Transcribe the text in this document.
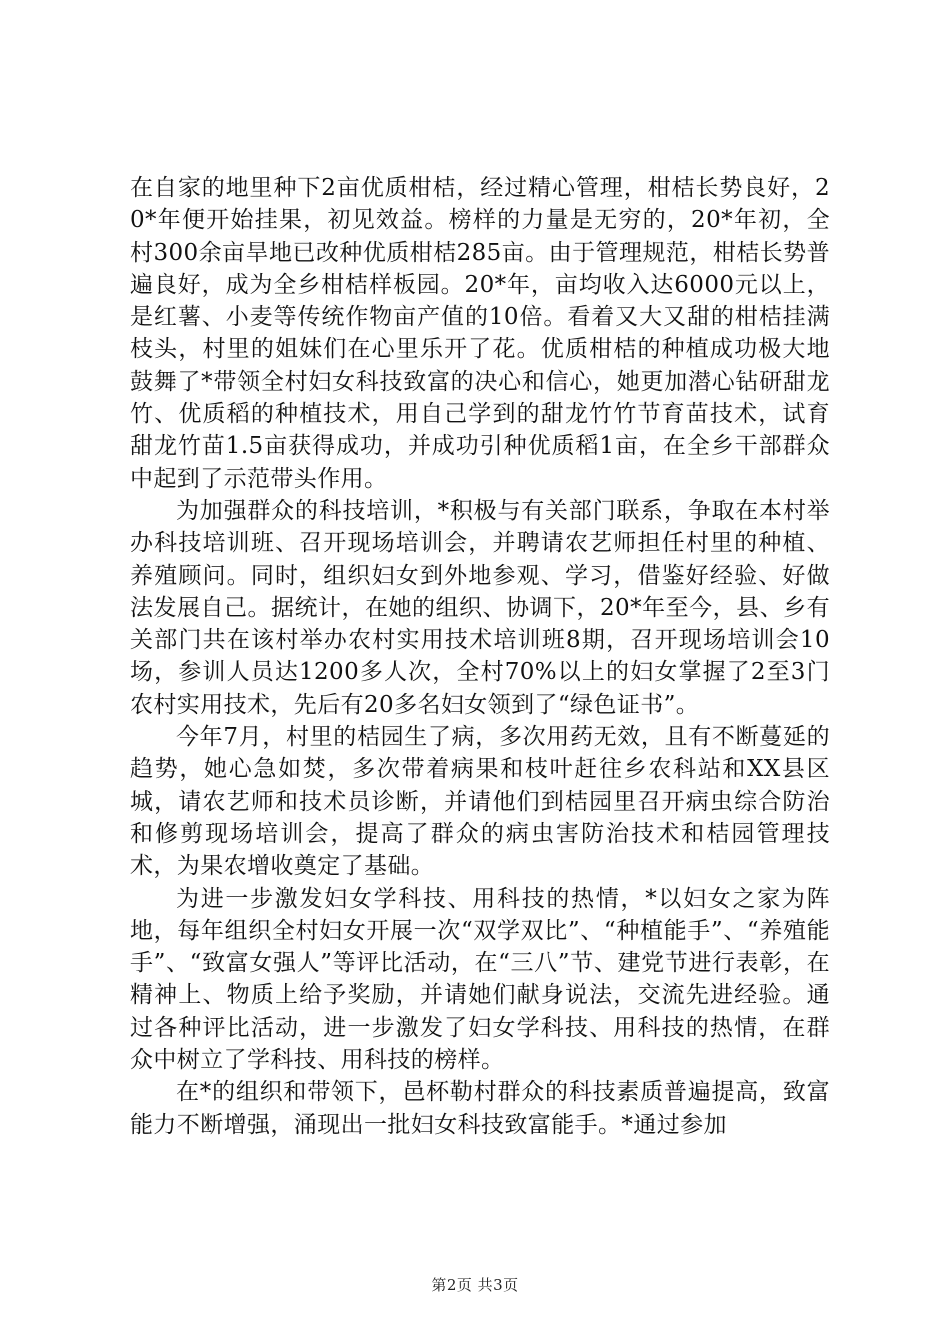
在自家的地里种下2亩优质柑桔，经过精心管理，柑桔长势良好，20*年便开始挂果，初见效益。榜样的力量是无穷的，20*年初，全村300余亩旱地已改种优质柑桔285亩。由于管理规范，柑桔长势普遍良好，成为全乡柑桔样板园。20*年，亩均收入达6000元以上，是红薯、小麦等传统作物亩产值的10倍。看着又大又甜的柑桔挂满枝头，村里的姐妹们在心里乐开了花。优质柑桔的种植成功极大地鼓舞了*带领全村妇女科技致富的决心和信心，她更加潜心钻研甜龙竹、优质稻的种植技术，用自己学到的甜龙竹竹节育苗技术，试育甜龙竹苗1.5亩获得成功，并成功引种优质稻1亩，在全乡干部群众中起到了示范带头作用。

为加强群众的科技培训，*积极与有关部门联系，争取在本村举办科技培训班、召开现场培训会，并聘请农艺师担任村里的种植、养殖顾问。同时，组织妇女到外地参观、学习，借鉴好经验、好做法发展自己。据统计，在她的组织、协调下，20*年至今，县、乡有关部门共在该村举办农村实用技术培训班8期，召开现场培训会10场，参训人员达1200多人次，全村70%以上的妇女掌握了2至3门农村实用技术，先后有20多名妇女领到了“绿色证书”。

今年7月，村里的桔园生了病，多次用药无效，且有不断蔓延的趋势，她心急如焚，多次带着病果和枝叶赶往乡农科站和XX县区城，请农艺师和技术员诊断，并请他们到桔园里召开病虫综合防治和修剪现场培训会，提高了群众的病虫害防治技术和桔园管理技术，为果农增收奠定了基础。

为进一步激发妇女学科技、用科技的热情，*以妇女之家为阵地，每年组织全村妇女开展一次“双学双比”、“种植能手”、“养殖能手”、“致富女强人”等评比活动，在“三八”节、建党节进行表彰，在精神上、物质上给予奖励，并请她们献身说法，交流先进经验。通过各种评比活动，进一步激发了妇女学科技、用科技的热情，在群众中树立了学科技、用科技的榜样。

在*的组织和带领下，邑杯勒村群众的科技素质普遍提高，致富能力不断增强，涌现出一批妇女科技致富能手。*通过参加

第2页 共3页
